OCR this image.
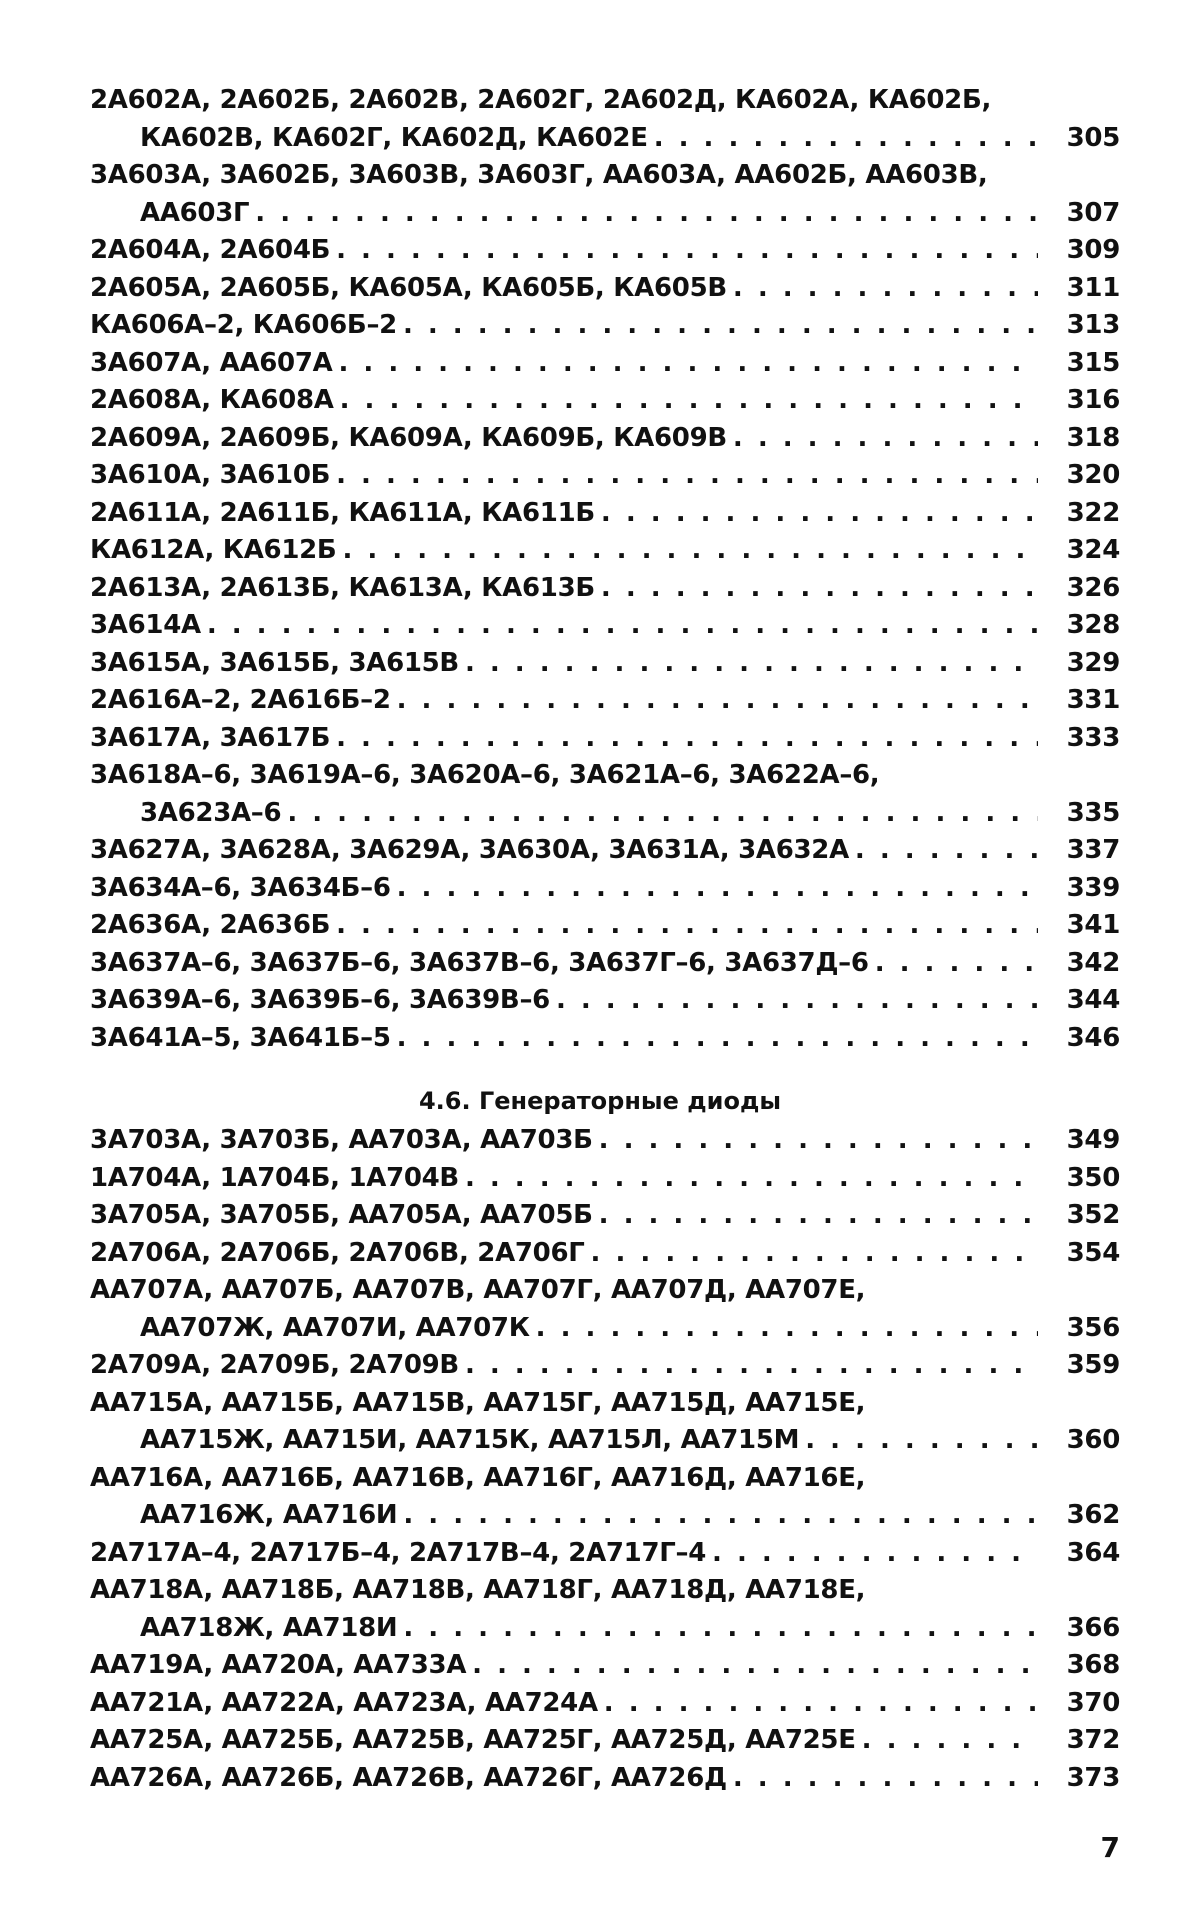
2A602A, 2A602Б, 2A602B, 2A602Г, 2A602Д, КA602A, КA602Б,
КA602B, КA602Г, КA602Д, КA602E . . .	305
3A603A, 3A602Б, 3A603B, 3A603Г, AA603A, AA602Б, AA603B,
AA603Г . . .	307
2A604A, 2A604Б . . .	309
2A605A, 2A605Б, КA605A, КA605Б, КA605B . . .	311
КA606A–2, КA606Б–2 . . .	313
3A607A, AA607A . . .	315
2A608A, КA608A . . .	316
2A609A, 2A609Б, КA609A, КA609Б, КA609B . . .	318
3A610A, 3A610Б . . .	320
2A611A, 2A611Б, КA611A, КA611Б . . .	322
КA612A, КA612Б . . .	324
2A613A, 2A613Б, КA613A, КA613Б . . .	326
3A614A . . .	328
3A615A, 3A615Б, 3A615B . . .	329
2A616A–2, 2A616Б–2 . . .	331
3A617A, 3A617Б . . .	333
3A618A–6, 3A619A–6, 3A620A–6, 3A621A–6, 3A622A–6,
3A623A–6 . . .	335
3A627A, 3A628A, 3A629A, 3A630A, 3A631A, 3A632A . . .	337
3A634A–6, 3A634Б–6 . . .	339
2A636A, 2A636Б . . .	341
3A637A–6, 3A637Б–6, 3A637B–6, 3A637Г–6, 3A637Д–6 . . .	342
3A639A–6, 3A639Б–6, 3A639B–6 . . .	344
3A641A–5, 3A641Б–5 . . .	346
4.6. Генераторные диоды
3A703A, 3A703Б, AA703A, AA703Б . . .	349
1A704A, 1A704Б, 1A704B . . .	350
3A705A, 3A705Б, AA705A, AA705Б . . .	352
2A706A, 2A706Б, 2A706B, 2A706Г . . .	354
AA707A, AA707Б, AA707B, AA707Г, AA707Д, AA707E,
AA707Ж, AA707И, AA707К . . .	356
2A709A, 2A709Б, 2A709B . . .	359
AA715A, AA715Б, AA715B, AA715Г, AA715Д, AA715E,
AA715Ж, AA715И, AA715К, AA715Л, AA715М . . .	360
AA716A, AA716Б, AA716B, AA716Г, AA716Д, AA716E,
AA716Ж, AA716И . . .	362
2A717A–4, 2A717Б–4, 2A717B–4, 2A717Г–4 . . .	364
AA718A, AA718Б, AA718B, AA718Г, AA718Д, AA718E,
AA718Ж, AA718И . . .	366
AA719A, AA720A, AA733A . . .	368
AA721A, AA722A, AA723A, AA724A . . .	370
AA725A, AA725Б, AA725B, AA725Г, AA725Д, AA725E . . .	372
AA726A, AA726Б, AA726B, AA726Г, AA726Д . . .	373
7
